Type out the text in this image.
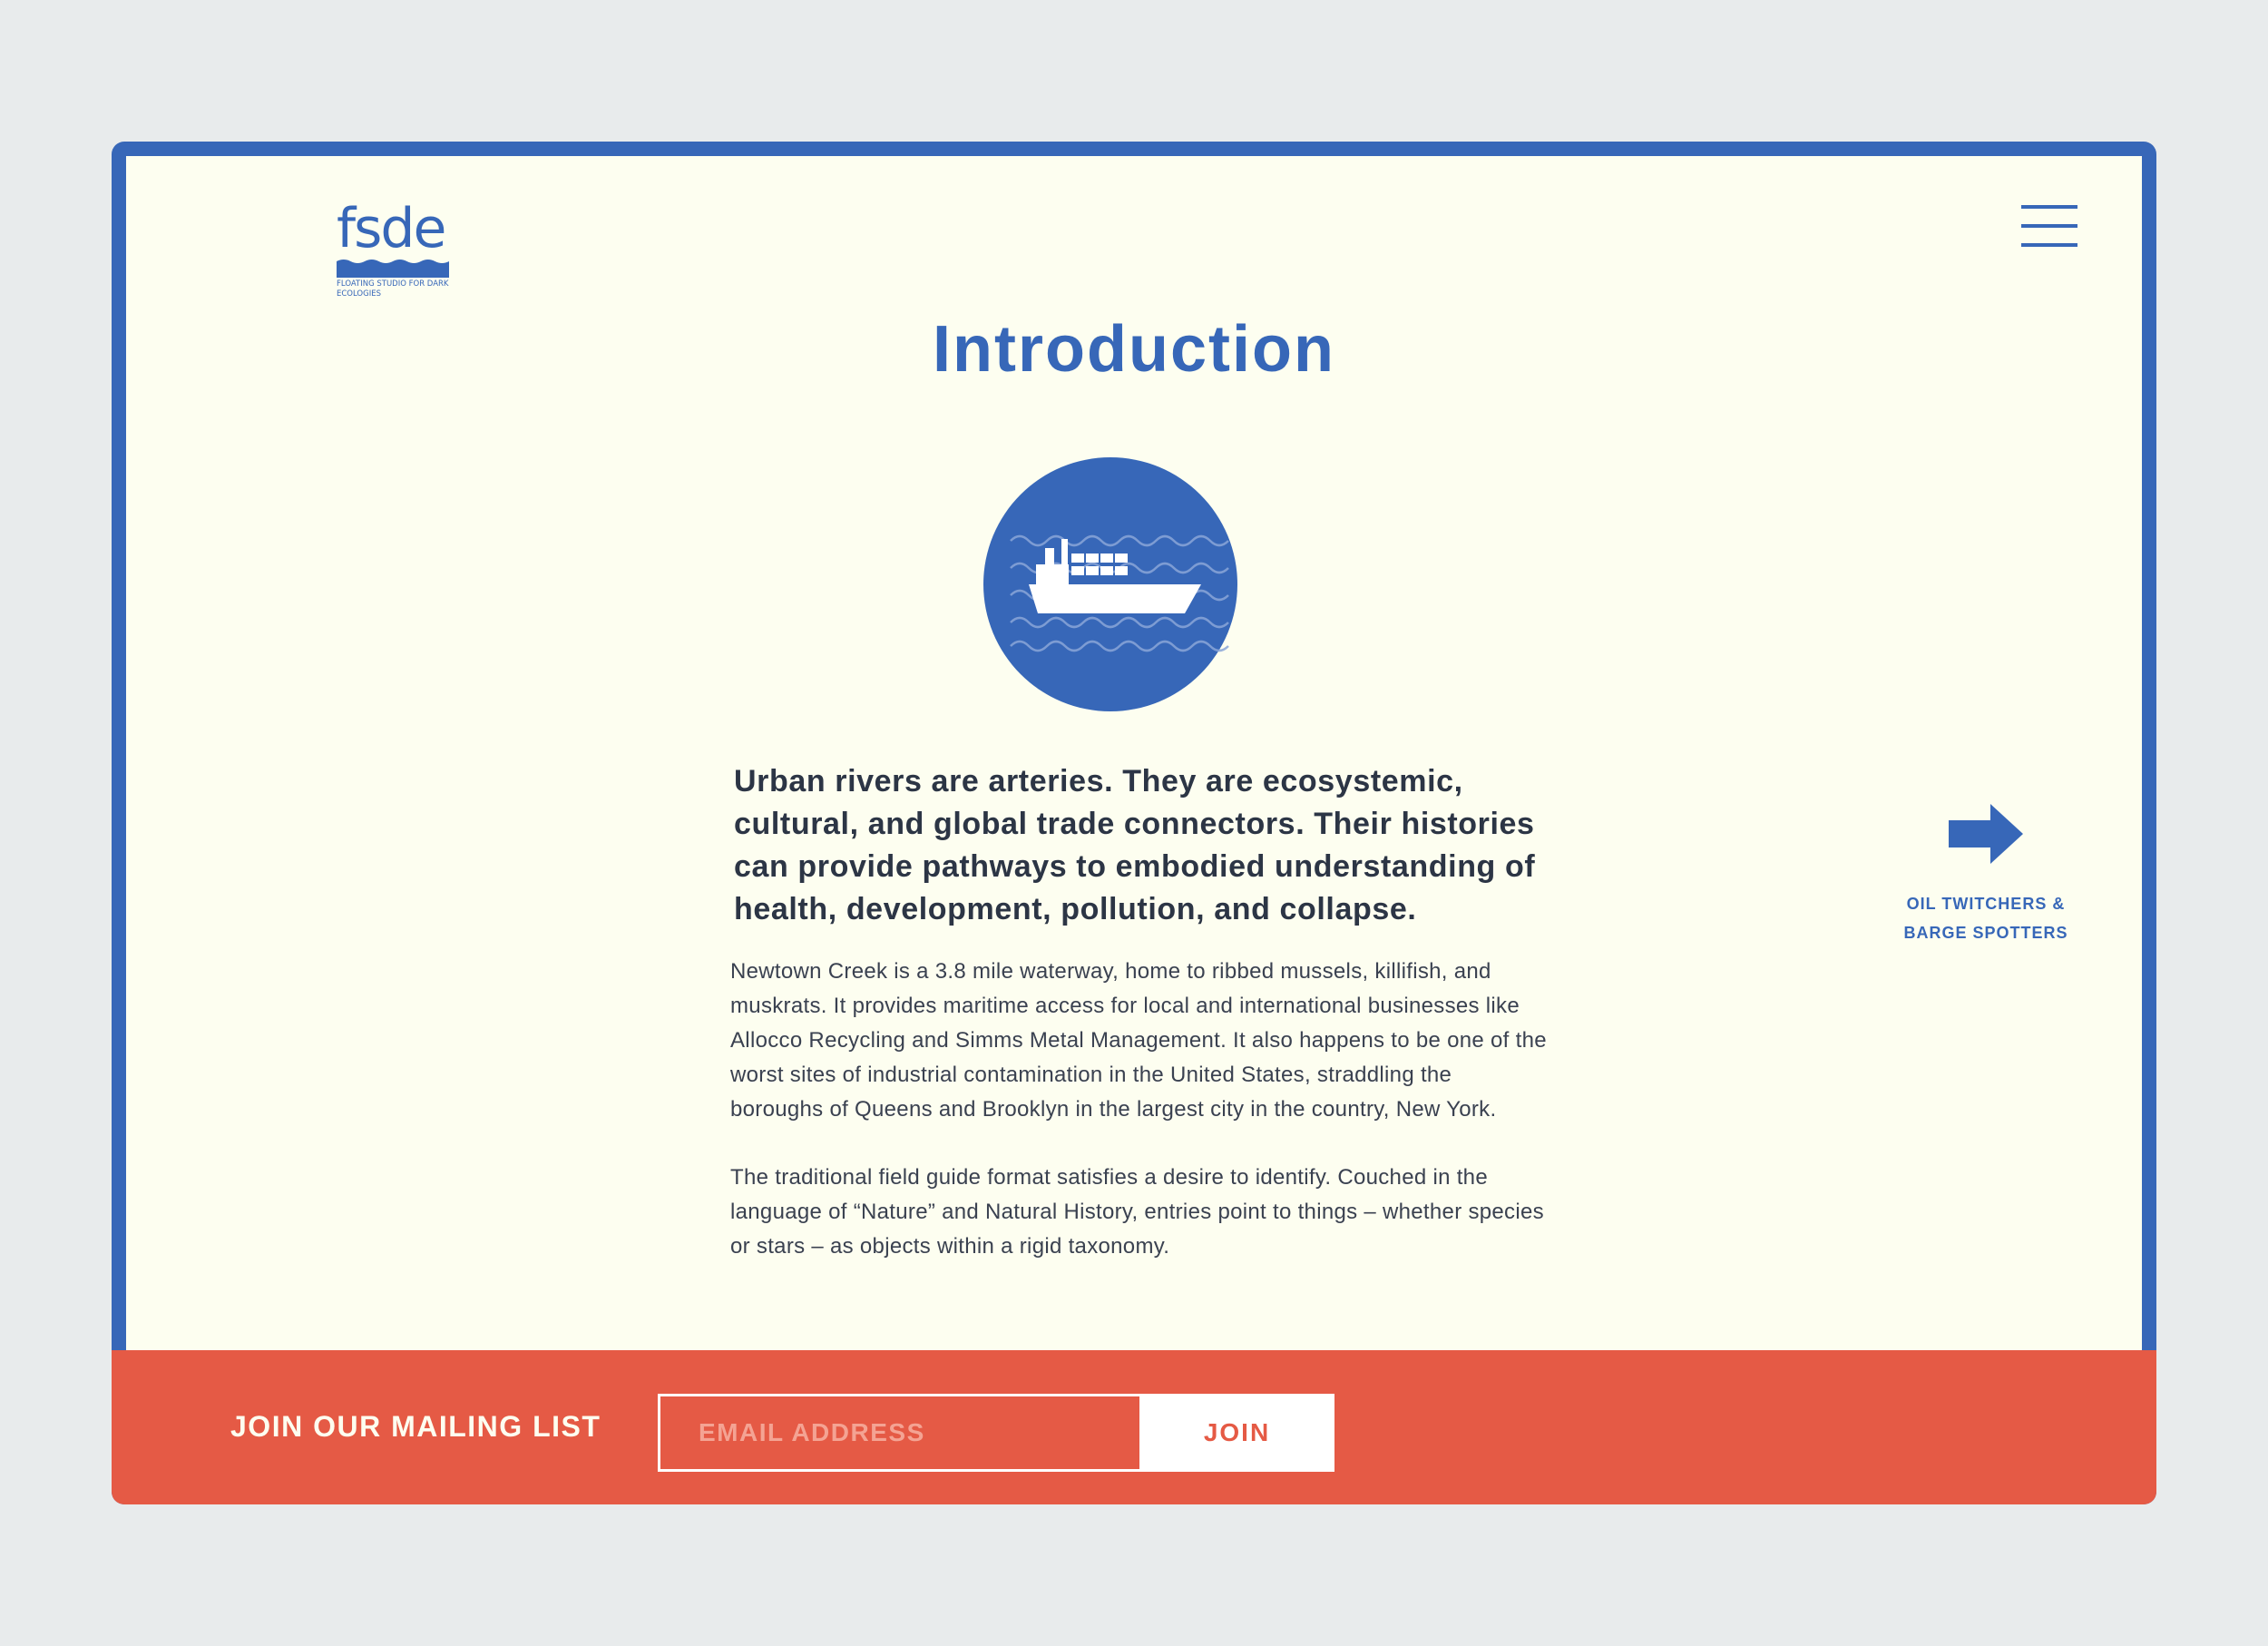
fsde
FLOATING STUDIO FOR DARK ECOLOGIES
Introduction

Urban rivers are arteries. They are ecosystemic, cultural, and global trade connectors. Their histories can provide pathways to embodied understanding of health, development, pollution, and collapse.

Newtown Creek is a 3.8 mile waterway, home to ribbed mussels, killifish, and muskrats. It provides maritime access for local and international businesses like Allocco Recycling and Simms Metal Management. It also happens to be one of the worst sites of industrial contamination in the United States, straddling the boroughs of Queens and Brooklyn in the largest city in the country, New York.

The traditional field guide format satisfies a desire to identify. Couched in the language of “Nature” and Natural History, entries point to things – whether species or stars – as objects within a rigid taxonomy.

OIL TWITCHERS & BARGE SPOTTERS
JOIN OUR MAILING LIST
EMAIL ADDRESS	JOIN
